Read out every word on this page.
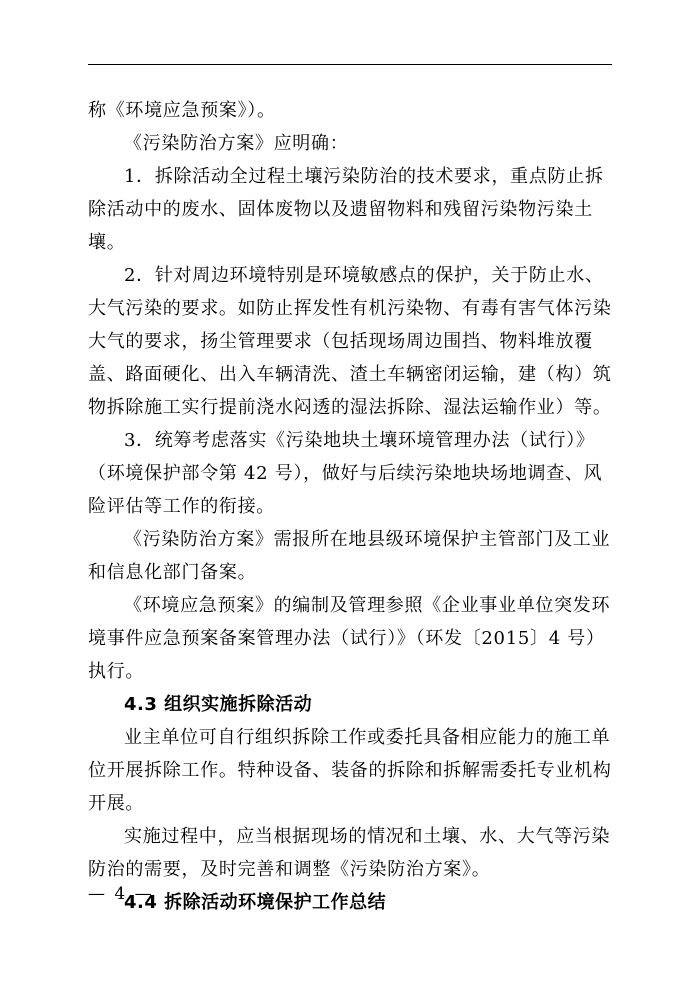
称《环境应急预案》）。

《污染防治方案》应明确：

1．拆除活动全过程土壤污染防治的技术要求，重点防止拆除活动中的废水、固体废物以及遗留物料和残留污染物污染土壤。

2．针对周边环境特别是环境敏感点的保护，关于防止水、大气污染的要求。如防止挥发性有机污染物、有毒有害气体污染大气的要求，扬尘管理要求（包括现场周边围挡、物料堆放覆盖、路面硬化、出入车辆清洗、渣土车辆密闭运输，建（构）筑物拆除施工实行提前浇水闷透的湿法拆除、湿法运输作业）等。

3．统筹考虑落实《污染地块土壤环境管理办法（试行）》（环境保护部令第 42 号），做好与后续污染地块场地调查、风险评估等工作的衔接。

《污染防治方案》需报所在地县级环境保护主管部门及工业和信息化部门备案。

《环境应急预案》的编制及管理参照《企业事业单位突发环境事件应急预案备案管理办法（试行）》（环发〔2015〕4 号）执行。

4.3 组织实施拆除活动

业主单位可自行组织拆除工作或委托具备相应能力的施工单位开展拆除工作。特种设备、装备的拆除和拆解需委托专业机构开展。

实施过程中，应当根据现场的情况和土壤、水、大气等污染防治的需要，及时完善和调整《污染防治方案》。

4.4 拆除活动环境保护工作总结
— 4 —
